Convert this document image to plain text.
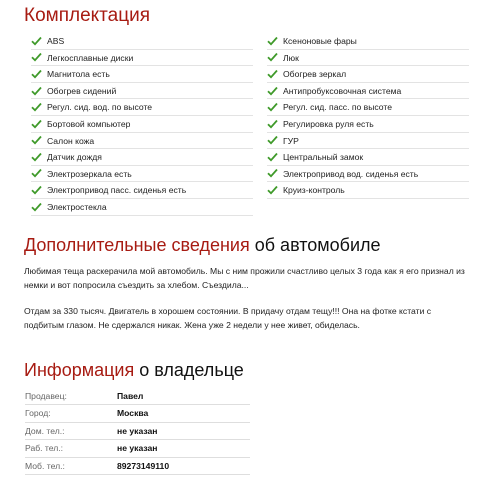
Комплектация
ABS	Ксеноновые фары
Легкосплавные диски	Люк
Магнитола есть	Обогрев зеркал
Обогрев сидений	Антипробуксовочная система
Регул. сид. вод. по высоте	Регул. сид. пасс. по высоте
Бортовой компьютер	Регулировка руля есть
Салон кожа	ГУР
Датчик дождя	Центральный замок
Электрозеркала есть	Электропривод вод. сиденья есть
Электропривод пасс. сиденья есть	Круиз-контроль
Электростекла
Дополнительные сведения об автомобиле

Любимая теща раскерачила мой автомобиль. Мы с ним прожили счастливо целых 3 года как я его признал из немки и вот попросила съездить за хлебом. Съездила...

Отдам за 330 тысяч. Двигатель в хорошем состоянии. В придачу отдам тещу!!! Она на фотке кстати с подбитым глазом. Не сдержался никак. Жена уже 2 недели у нее живет, обиделась.

Информация о владельце
Продавец:	Павел
Город:	Москва
Дом. тел.:	не указан
Раб. тел.:	не указан
Моб. тел.:	89273149110
